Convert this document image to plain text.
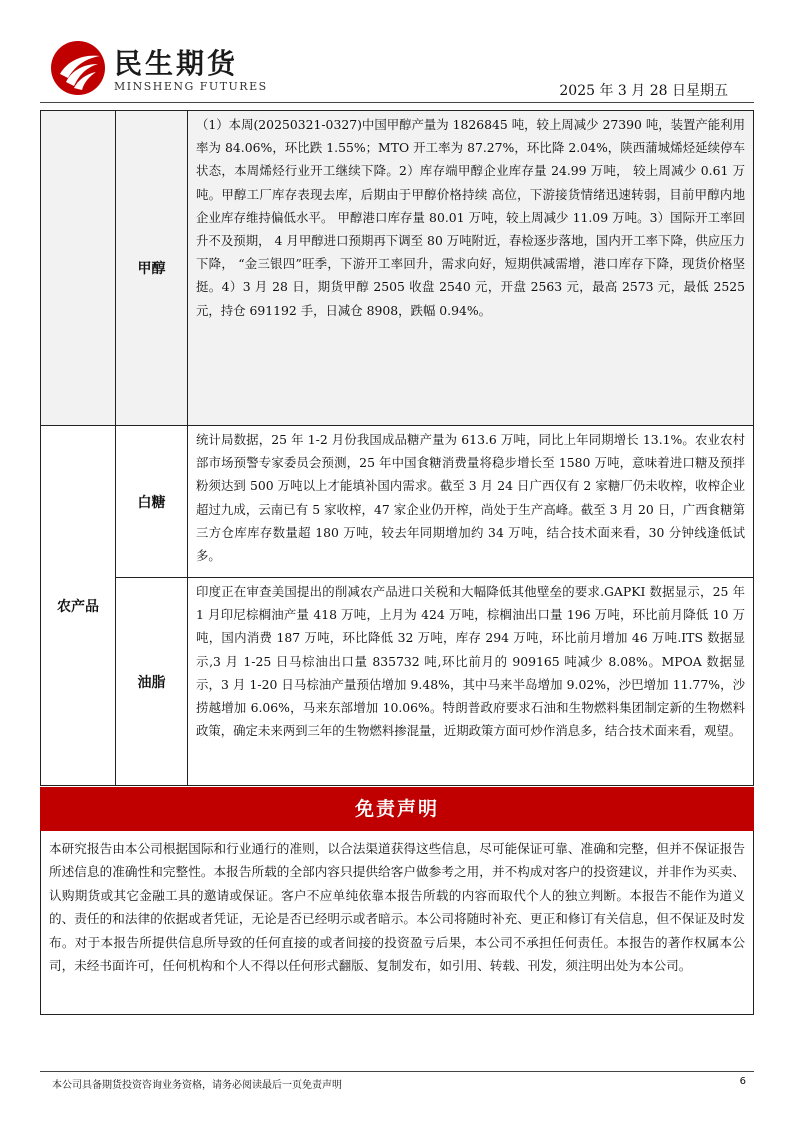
民生期货
MINSHENG FUTURES	2025 年 3 月 28 日星期五
	甲醇	（1）本周(20250321-0327)中国甲醇产量为 1826845 吨，较上周减少 27390 吨，装置产能利用率为 84.06%，环比跌 1.55%；MTO 开工率为 87.27%，环比降 2.04%，陕西蒲城烯烃延续停车状态，本周烯烃行业开工继续下降。2）库存端甲醇企业库存量 24.99 万吨， 较上周减少 0.61 万吨。甲醇工厂库存表现去库，后期由于甲醇价格持续 高位，下游接货情绪迅速转弱，目前甲醇内地企业库存维持偏低水平。 甲醇港口库存量 80.01 万吨，较上周减少 11.09 万吨。3）国际开工率回升不及预期， 4 月甲醇进口预期再下调至 80 万吨附近，春检逐步落地，国内开工率下降，供应压力下降， “金三银四”旺季，下游开工率回升，需求向好，短期供减需增，港口库存下降，现货价格坚挺。4）3 月 28 日，期货甲醇 2505 收盘 2540 元，开盘 2563 元，最高 2573 元，最低 2525 元，持仓 691192 手，日减仓 8908，跌幅 0.94%。
农产品	白糖	统计局数据，25 年 1-2 月份我国成品糖产量为 613.6 万吨，同比上年同期增长 13.1%。农业农村部市场预警专家委员会预测，25 年中国食糖消费量将稳步增长至 1580 万吨，意味着进口糖及预拌粉须达到 500 万吨以上才能填补国内需求。截至 3 月 24 日广西仅有 2 家糖厂仍未收榨，收榨企业超过九成，云南已有 5 家收榨，47 家企业仍开榨，尚处于生产高峰。截至 3 月 20 日，广西食糖第三方仓库库存数量超 180 万吨，较去年同期增加约 34 万吨，结合技术面来看，30 分钟线逢低试多。
	油脂	印度正在审查美国提出的削减农产品进口关税和大幅降低其他壁垒的要求.GAPKI 数据显示，25 年 1 月印尼棕榈油产量 418 万吨，上月为 424 万吨，棕榈油出口量 196 万吨，环比前月降低 10 万吨，国内消费 187 万吨，环比降低 32 万吨，库存 294 万吨，环比前月增加 46 万吨.ITS 数据显示,3 月 1-25 日马棕油出口量 835732 吨,环比前月的 909165 吨减少 8.08%。MPOA 数据显示，3 月 1-20 日马棕油产量预估增加 9.48%，其中马来半岛增加 9.02%，沙巴增加 11.77%，沙捞越增加 6.06%，马来东部增加 10.06%。特朗普政府要求石油和生物燃料集团制定新的生物燃料政策，确定未来两到三年的生物燃料掺混量，近期政策方面可炒作消息多，结合技术面来看，观望。
免责声明
本研究报告由本公司根据国际和行业通行的准则，以合法渠道获得这些信息，尽可能保证可靠、准确和完整，但并不保证报告所述信息的准确性和完整性。本报告所载的全部内容只提供给客户做参考之用，并不构成对客户的投资建议，并非作为买卖、认购期货或其它金融工具的邀请或保证。客户不应单纯依靠本报告所载的内容而取代个人的独立判断。本报告不能作为道义的、责任的和法律的依据或者凭证，无论是否已经明示或者暗示。本公司将随时补充、更正和修订有关信息，但不保证及时发布。对于本报告所提供信息所导致的任何直接的或者间接的投资盈亏后果，本公司不承担任何责任。本报告的著作权属本公司，未经书面许可，任何机构和个人不得以任何形式翻版、复制发布，如引用、转载、刊发，须注明出处为本公司。
本公司具备期货投资咨询业务资格，请务必阅读最后一页免责声明	6
